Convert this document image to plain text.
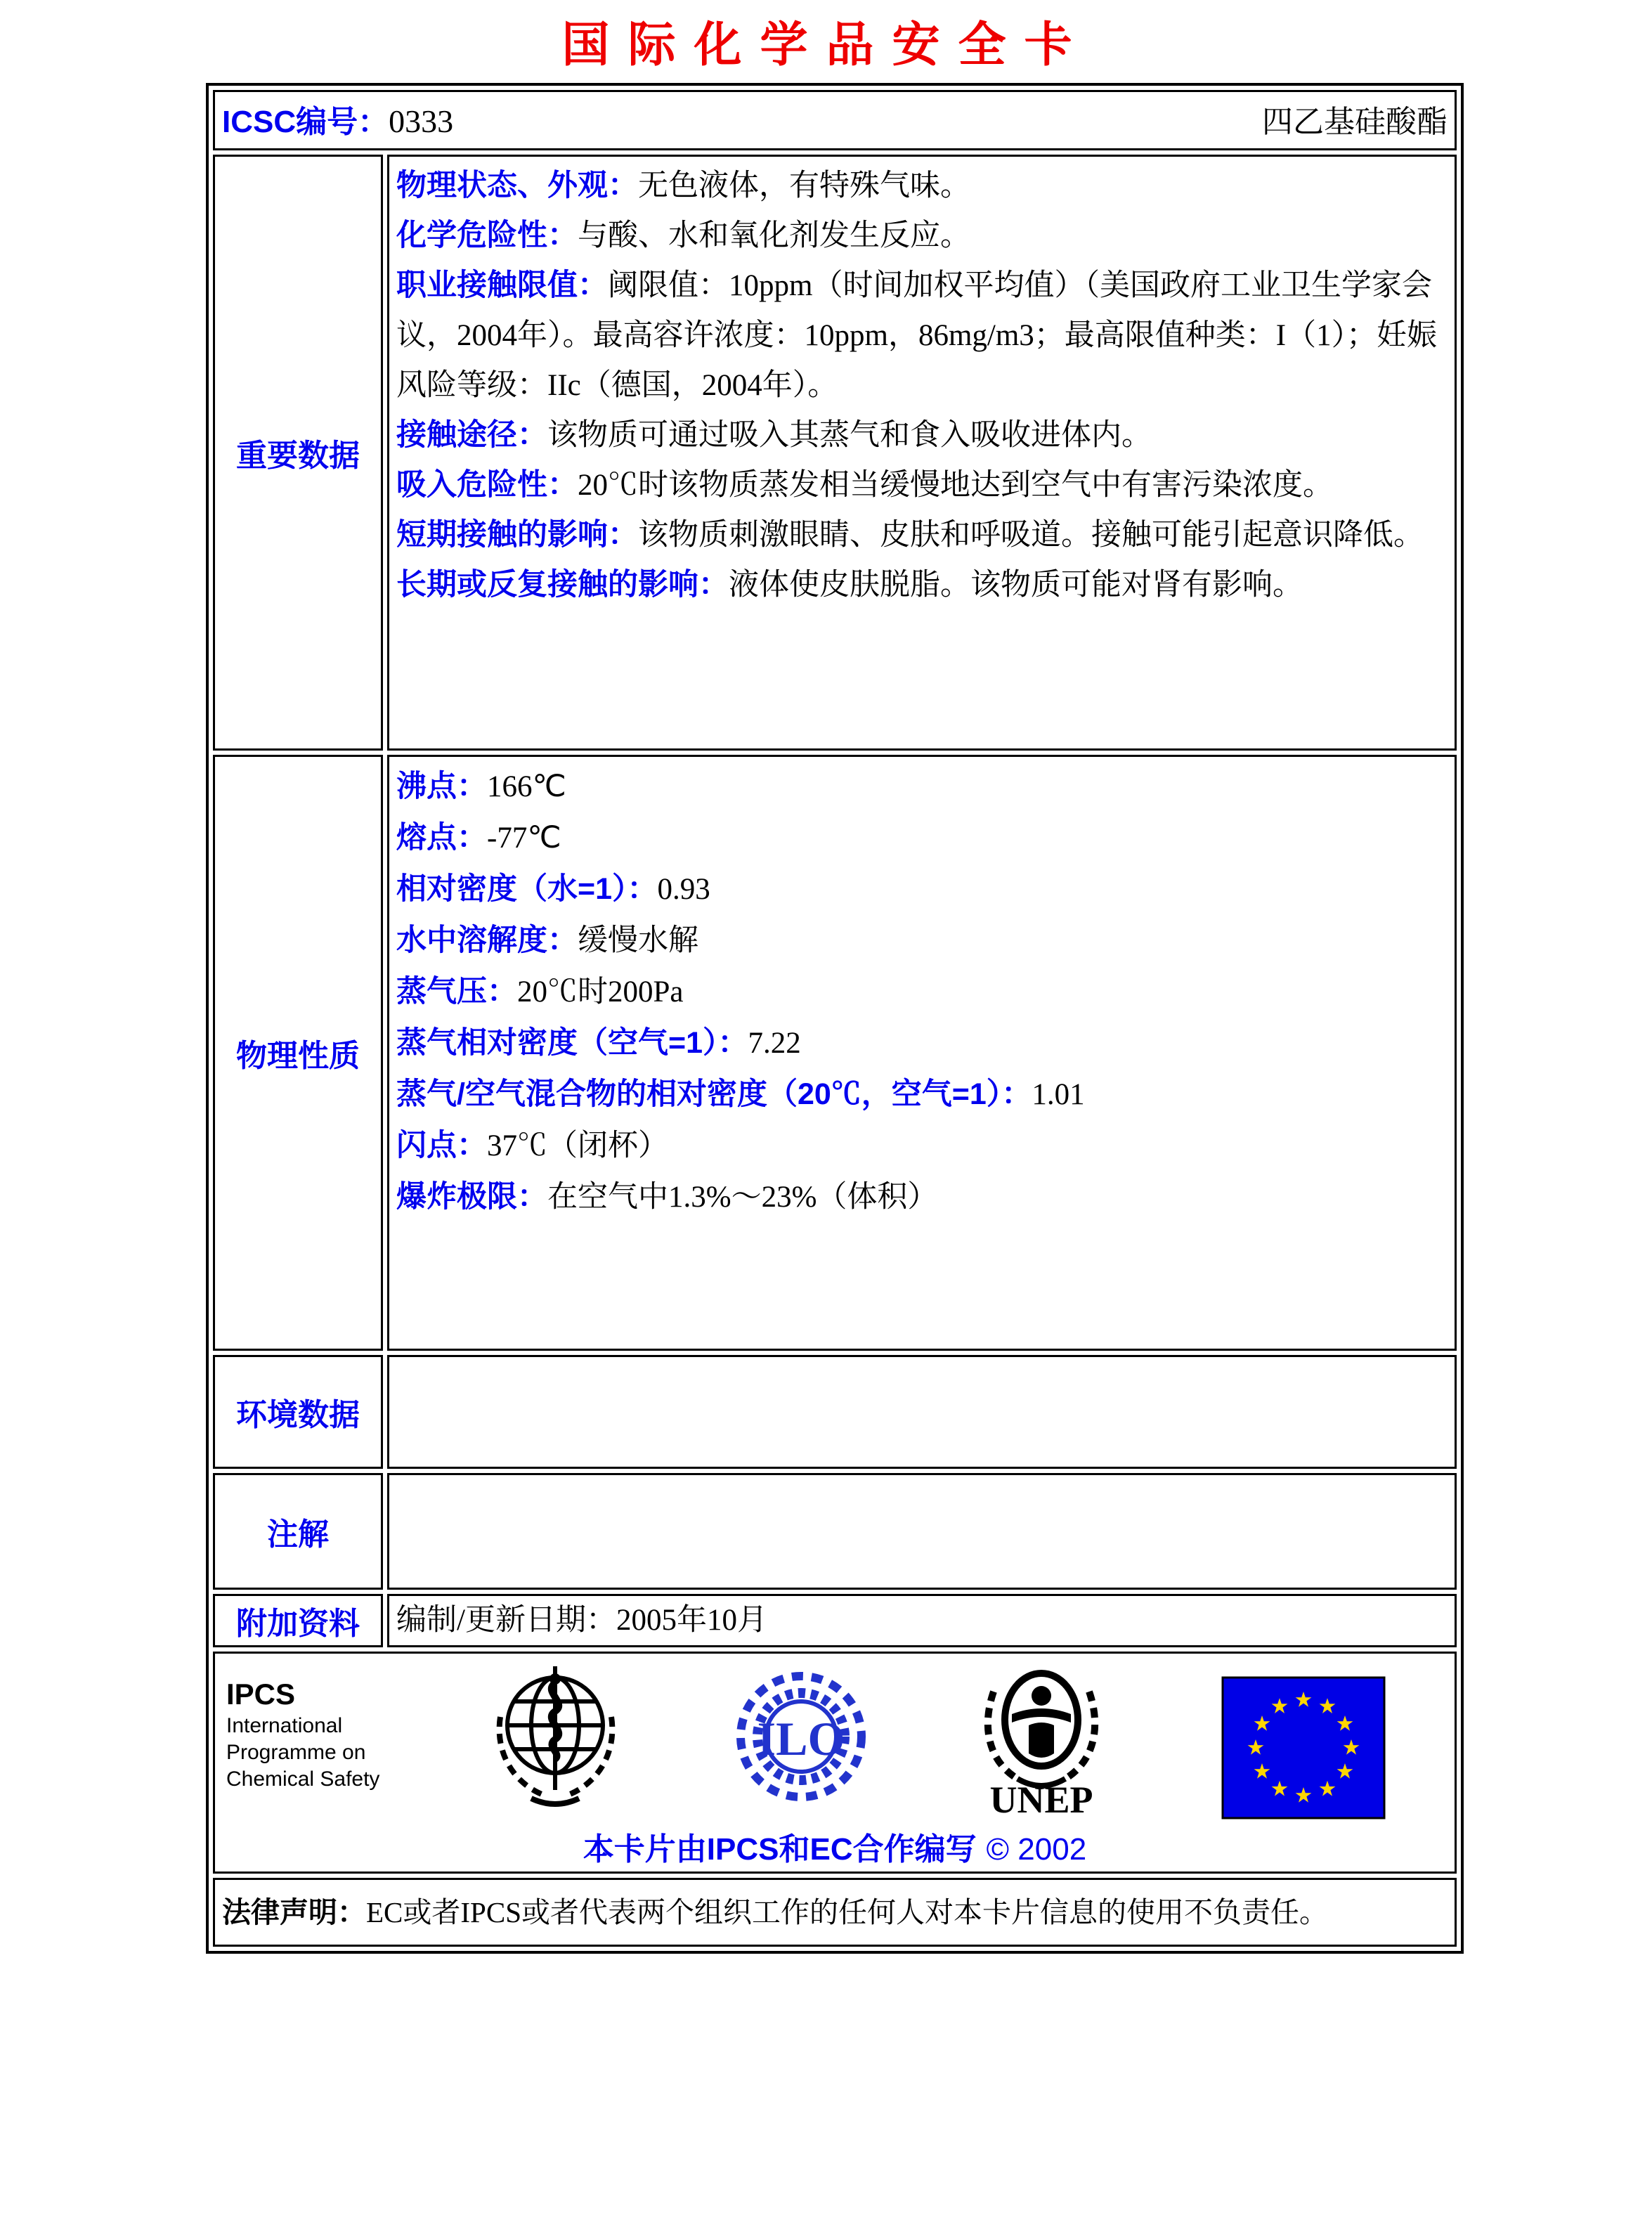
国际化学品安全卡
ICSC编号：0333 四乙基硅酸酯	

重要数据	

物理状态、外观：无色液体，有特殊气味。

化学危险性：与酸、水和氧化剂发生反应。

职业接触限值：阈限值：10ppm（时间加权平均值）（美国政府工业卫生学家会议，2004年）。最高容许浓度：10ppm，86mg/m3；最高限值种类：I（1）；妊娠风险等级：IIc（德国，2004年）。

接触途径：该物质可通过吸入其蒸气和食入吸收进体内。

吸入危险性：20℃时该物质蒸发相当缓慢地达到空气中有害污染浓度。

短期接触的影响：该物质刺激眼睛、皮肤和呼吸道。接触可能引起意识降低。

长期或反复接触的影响：液体使皮肤脱脂。该物质可能对肾有影响。

物理性质	

沸点：166℃

熔点：-77℃

相对密度（水=1）：0.93

水中溶解度：缓慢水解

蒸气压：20℃时200Pa

蒸气相对密度（空气=1）：7.22

蒸气/空气混合物的相对密度（20℃，空气=1）：1.01

闪点：37℃（闭杯）

爆炸极限：在空气中1.3%～23%（体积）

环境数据	
注解	
附加资料	编制/更新日期：2005年10月

IPCS
International
Programme on
Chemical Safety
ILO
UNEP
本卡片由IPCS和EC合作编写 © 2002

法律声明：EC或者IPCS或者代表两个组织工作的任何人对本卡片信息的使用不负责任。	
